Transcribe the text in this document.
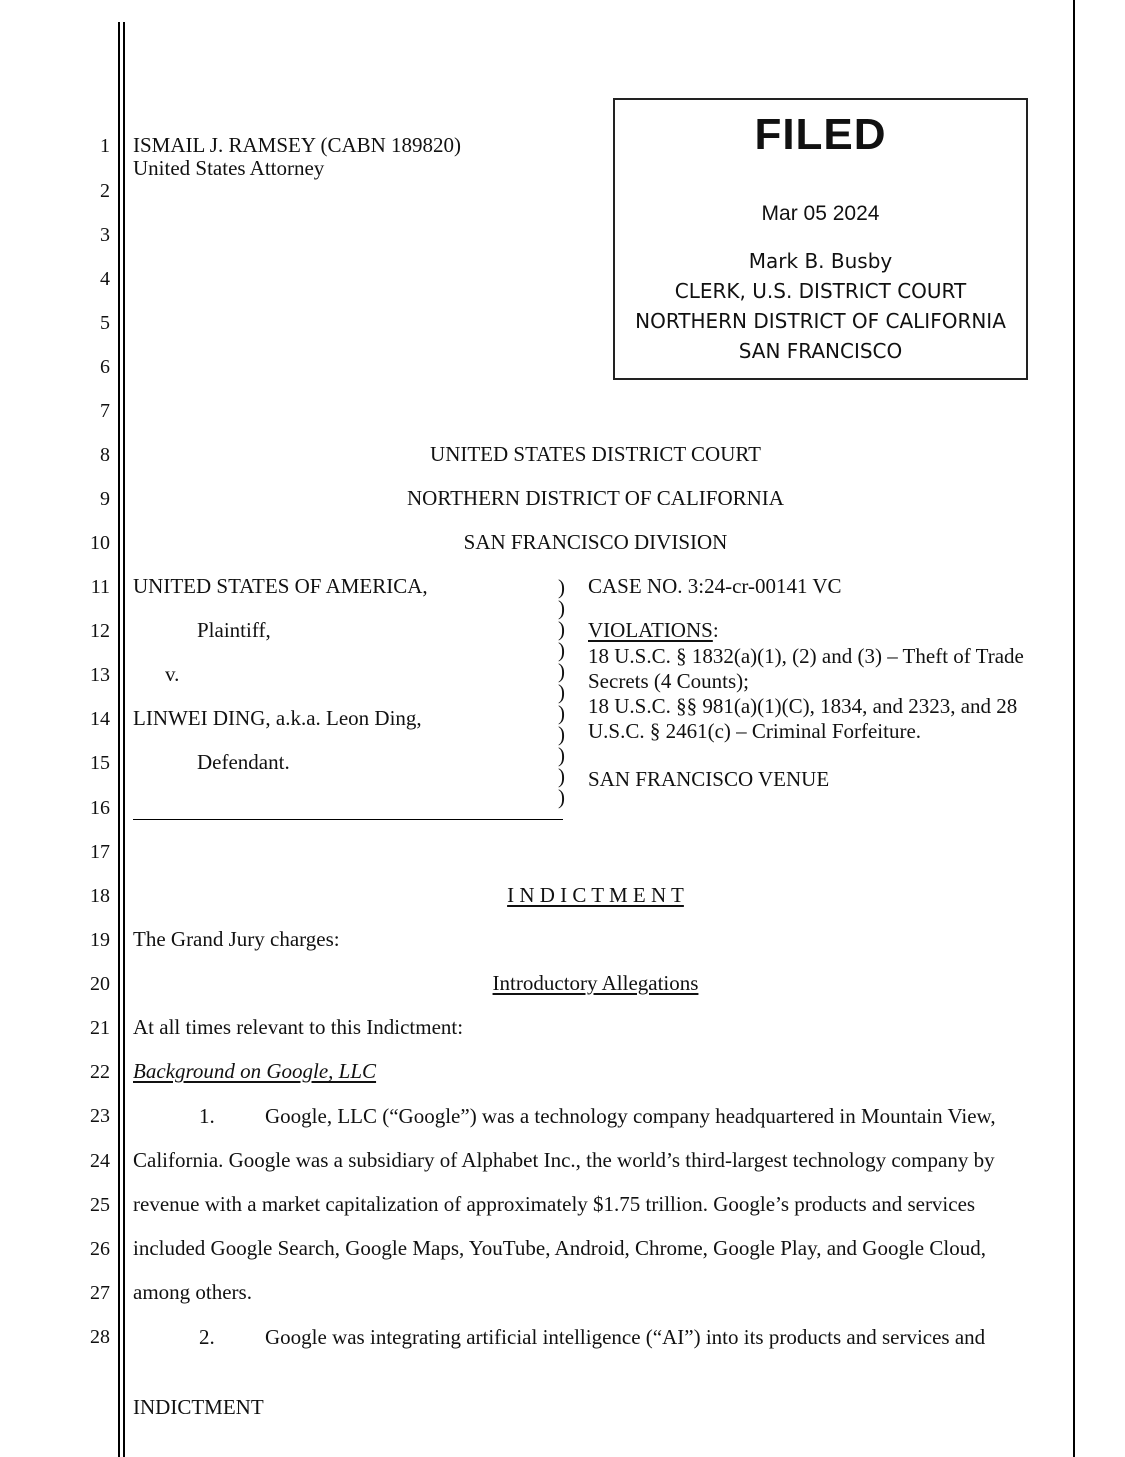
1
2
3
4
5
6
7
8
9
10
11
12
13
14
15
16
17
18
19
20
21
22
23
24
25
26
27
28
ISMAIL J. RAMSEY (CABN 189820)
United States Attorney
FILED
Mar 05 2024
Mark B. Busby
CLERK, U.S. DISTRICT COURT
NORTHERN DISTRICT OF CALIFORNIA
SAN FRANCISCO
UNITED STATES DISTRICT COURT
NORTHERN DISTRICT OF CALIFORNIA
SAN FRANCISCO DIVISION
UNITED STATES OF AMERICA,
Plaintiff,
v.
LINWEI DING, a.k.a. Leon Ding,
Defendant.
)
)
)
)
)
)
)
)
)
)
)
CASE NO. 3:24-cr-00141 VC
VIOLATIONS:
18 U.S.C. § 1832(a)(1), (2) and (3) – Theft of Trade
Secrets (4 Counts);
18 U.S.C. §§ 981(a)(1)(C), 1834, and 2323, and 28
U.S.C. § 2461(c) – Criminal Forfeiture.
SAN FRANCISCO VENUE
I N D I C T M E N T
The Grand Jury charges:
Introductory Allegations
At all times relevant to this Indictment:
Background on Google, LLC
1. Google, LLC (“Google”) was a technology company headquartered in Mountain View,
California. Google was a subsidiary of Alphabet Inc., the world’s third-largest technology company by
revenue with a market capitalization of approximately $1.75 trillion. Google’s products and services
included Google Search, Google Maps, YouTube, Android, Chrome, Google Play, and Google Cloud,
among others.
2. Google was integrating artificial intelligence (“AI”) into its products and services and
INDICTMENT
